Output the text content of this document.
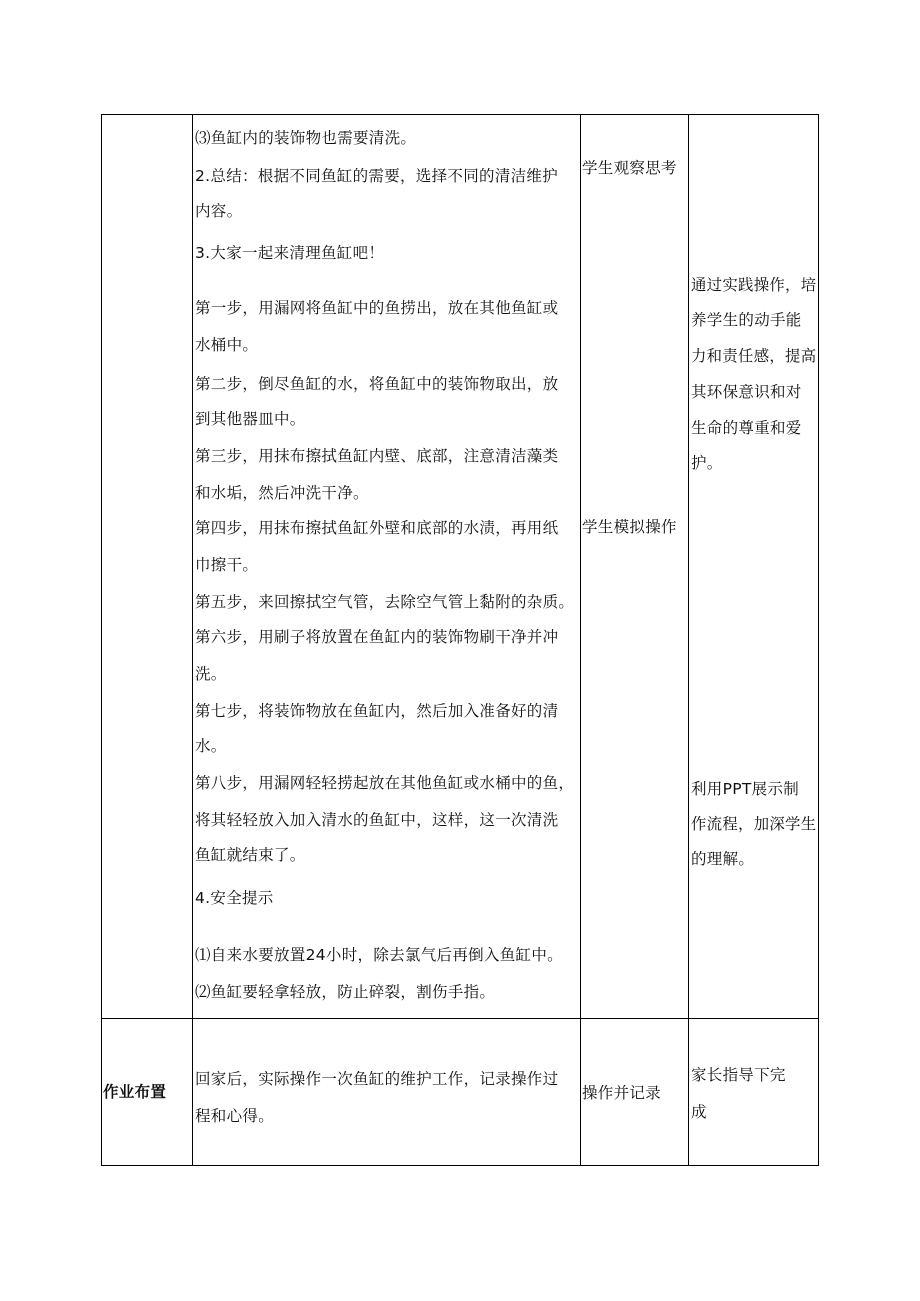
⑶鱼缸内的装饰物也需要清洗。
2.总结：根据不同鱼缸的需要，选择不同的清洁维护
内容。
3.大家一起来清理鱼缸吧！
第一步，用漏网将鱼缸中的鱼捞出，放在其他鱼缸或
水桶中。
第二步，倒尽鱼缸的水，将鱼缸中的装饰物取出，放
到其他器皿中。
第三步，用抹布擦拭鱼缸内壁、底部，注意清洁藻类
和水垢，然后冲洗干净。
第四步，用抹布擦拭鱼缸外壁和底部的水渍，再用纸
巾擦干。
第五步，来回擦拭空气管，去除空气管上黏附的杂质。
第六步，用刷子将放置在鱼缸内的装饰物刷干净并冲
洗。
第七步，将装饰物放在鱼缸内，然后加入准备好的清
水。
第八步，用漏网轻轻捞起放在其他鱼缸或水桶中的鱼，
将其轻轻放入加入清水的鱼缸中，这样，这一次清洗
鱼缸就结束了。
4.安全提示
⑴自来水要放置24小时，除去氯气后再倒入鱼缸中。
⑵鱼缸要轻拿轻放，防止碎裂，割伤手指。
学生观察思考
学生模拟操作
通过实践操作，培
养学生的动手能
力和责任感，提高
其环保意识和对
生命的尊重和爱
护。
利用PPT展示制
作流程，加深学生
的理解。
作业布置
回家后，实际操作一次鱼缸的维护工作，记录操作过
程和心得。
操作并记录
家长指导下完
成
